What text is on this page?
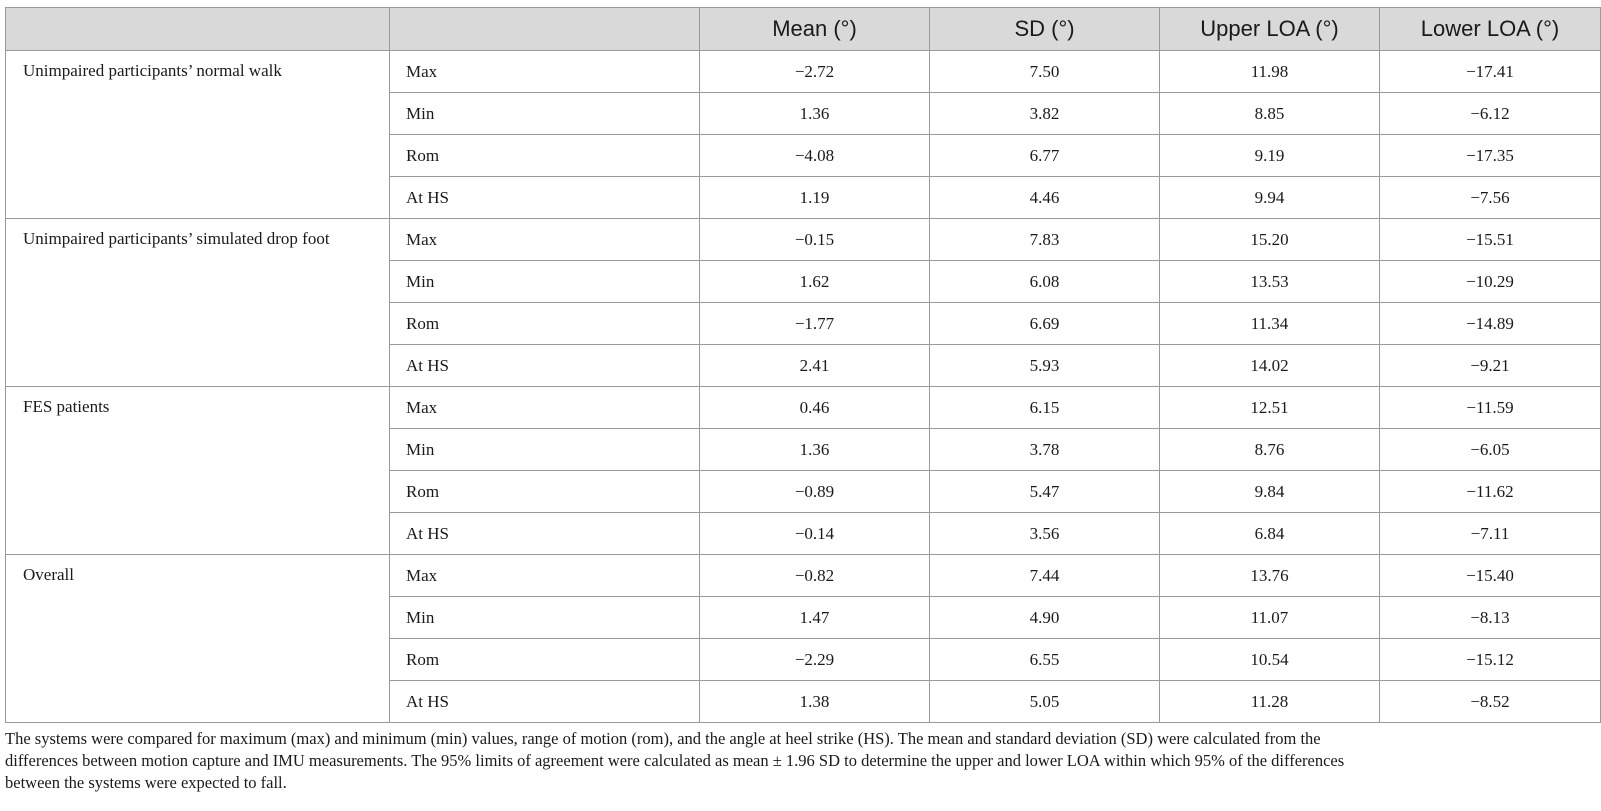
		Mean (°)	SD (°)	Upper LOA (°)	Lower LOA (°)
Unimpaired participants’ normal walk	Max	−2.72	7.50	11.98	−17.41
	Min	1.36	3.82	8.85	−6.12
	Rom	−4.08	6.77	9.19	−17.35
	At HS	1.19	4.46	9.94	−7.56
Unimpaired participants’ simulated drop foot	Max	−0.15	7.83	15.20	−15.51
	Min	1.62	6.08	13.53	−10.29
	Rom	−1.77	6.69	11.34	−14.89
	At HS	2.41	5.93	14.02	−9.21
FES patients	Max	0.46	6.15	12.51	−11.59
	Min	1.36	3.78	8.76	−6.05
	Rom	−0.89	5.47	9.84	−11.62
	At HS	−0.14	3.56	6.84	−7.11
Overall	Max	−0.82	7.44	13.76	−15.40
	Min	1.47	4.90	11.07	−8.13
	Rom	−2.29	6.55	10.54	−15.12
	At HS	1.38	5.05	11.28	−8.52

The systems were compared for maximum (max) and minimum (min) values, range of motion (rom), and the angle at heel strike (HS). The mean and standard deviation (SD) were calculated from the differences between motion capture and IMU measurements. The 95% limits of agreement were calculated as mean ± 1.96 SD to determine the upper and lower LOA within which 95% of the differences between the systems were expected to fall.
